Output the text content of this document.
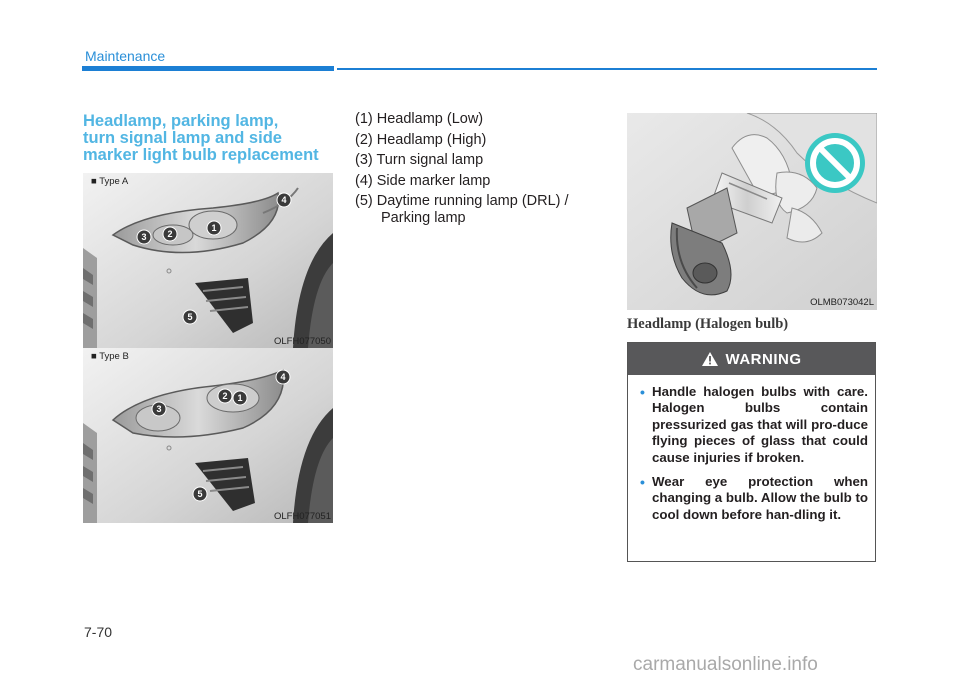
Maintenance
Headlamp, parking lamp,
turn signal lamp and side
marker light bulb replacement
1
2
3
4
5
■ Type A
OLFH077050
1
2
3
4
5
■ Type B
OLFH077051
(1) Headlamp (Low)
(2) Headlamp (High)
(3) Turn signal lamp
(4) Side marker lamp
(5) Daytime running lamp (DRL) / Parking lamp
OLMB073042L
Headlamp (Halogen bulb)
WARNING
• Handle halogen bulbs with care. Halogen bulbs contain pressurized gas that will pro-duce flying pieces of glass that could cause injuries if broken.
• Wear eye protection when changing a bulb. Allow the bulb to cool down before han-dling it.
7-70
carmanualsonline.info
